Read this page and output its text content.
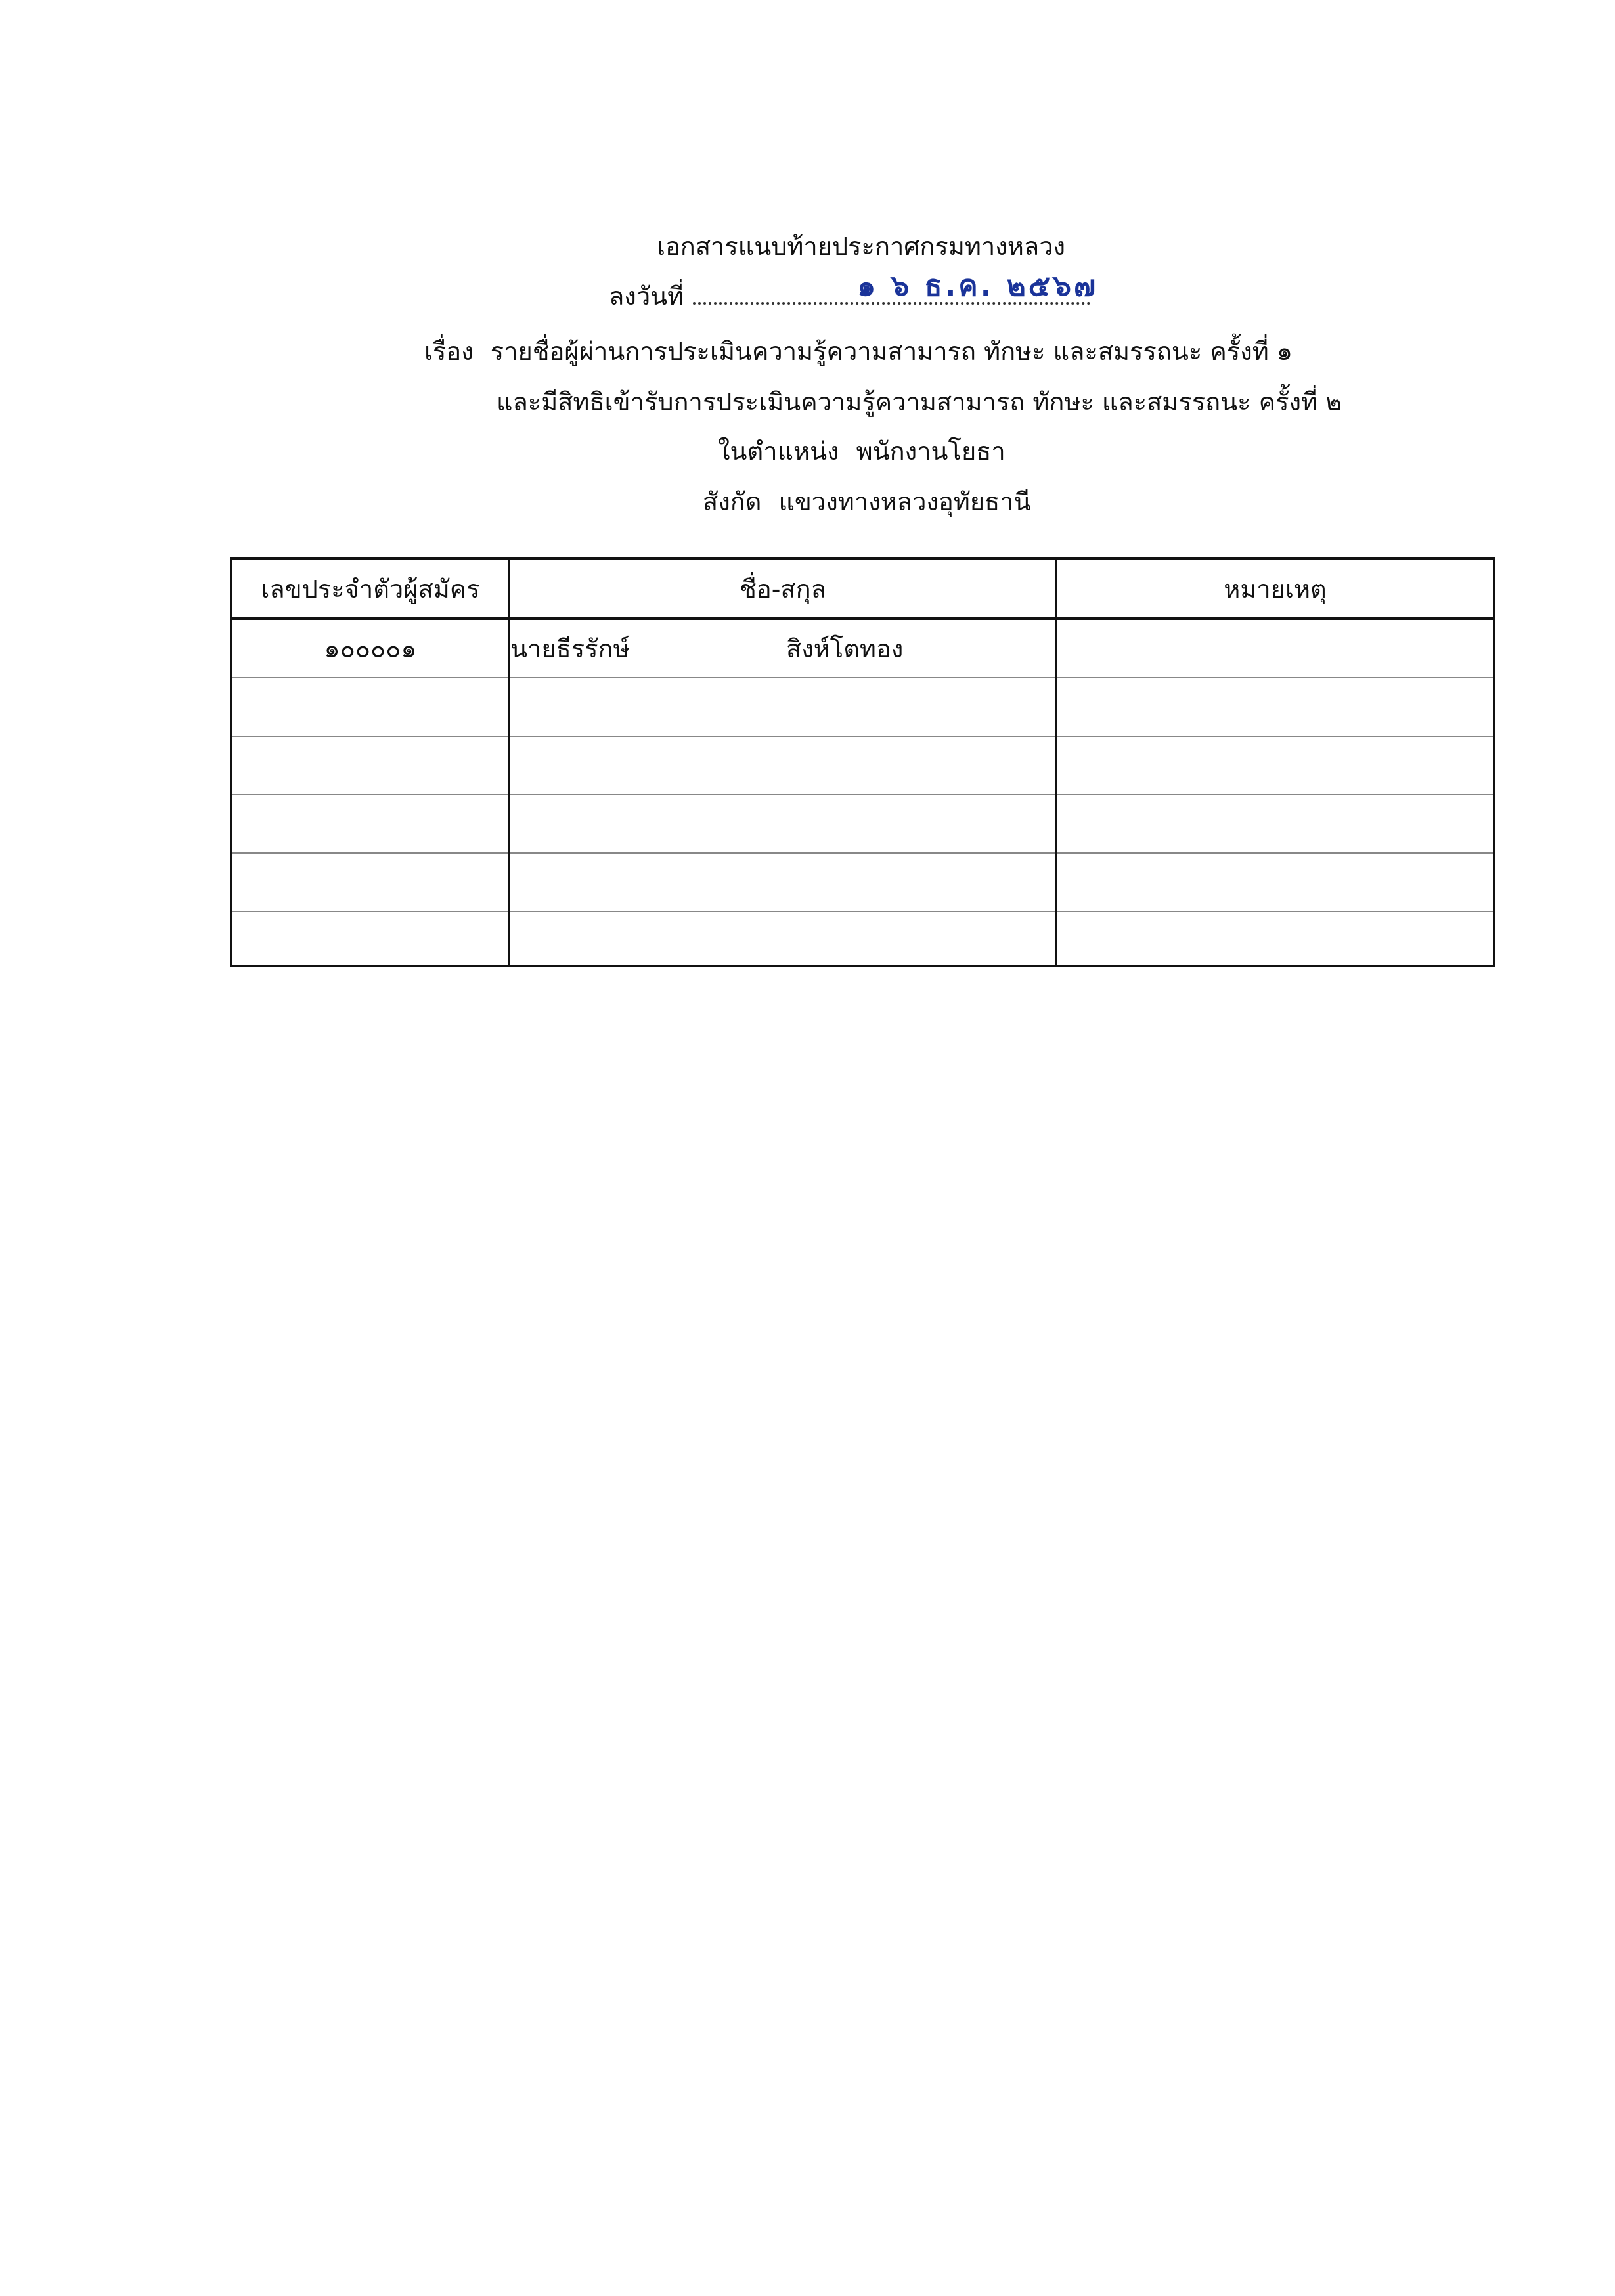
เอกสารแนบท้ายประกาศกรมทางหลวง
ลงวันที่	๑ ๖ ธ.ค. ๒๕๖๗
เรื่อง รายชื่อผู้ผ่านการประเมินความรู้ความสามารถ ทักษะ และสมรรถนะ ครั้งที่ ๑
และมีสิทธิเข้ารับการประเมินความรู้ความสามารถ ทักษะ และสมรรถนะ ครั้งที่ ๒
ในตำแหน่ง พนักงานโยธา
สังกัด แขวงทางหลวงอุทัยธานี
เลขประจำตัวผู้สมัคร	ชื่อ-สกุล	หมายเหตุ
๑๐๐๐๐๑	นายธีรรักษ์ สิงห์โตทอง	
